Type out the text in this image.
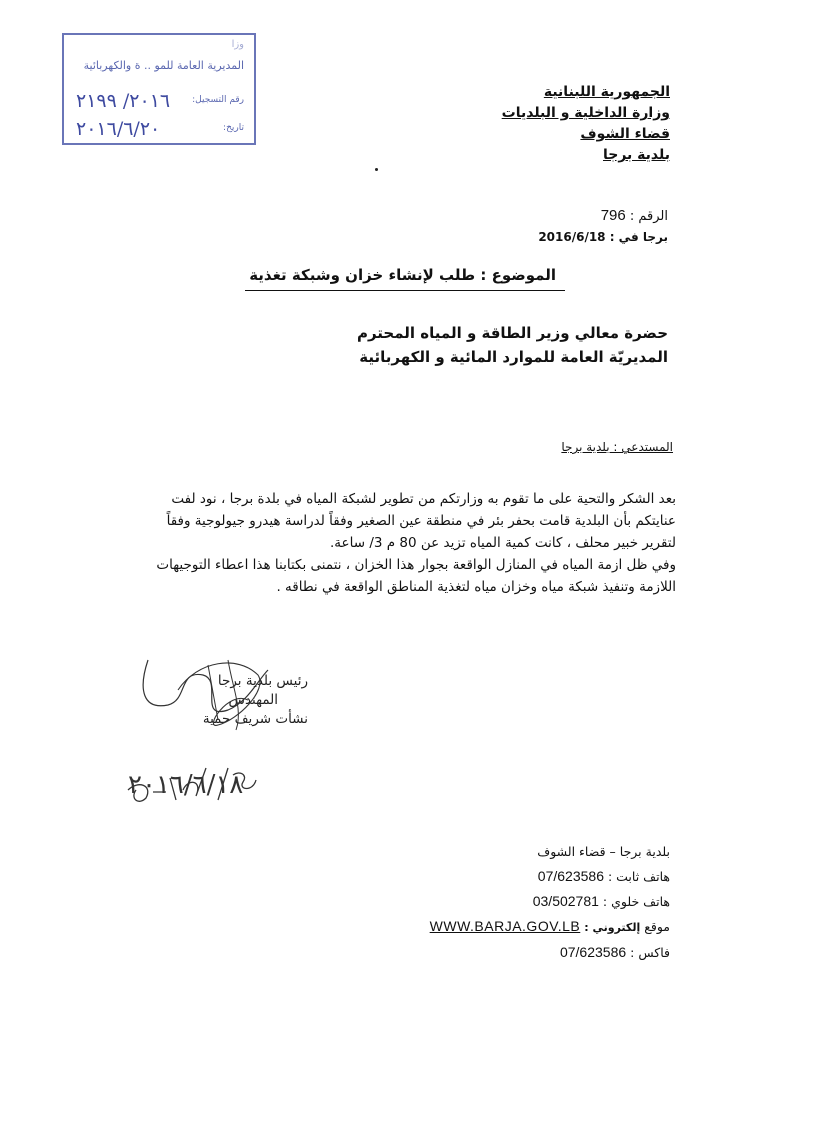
وزا
المديرية العامة للمو .. ة والكهربائية
رقم التسجيل:
٢٠١٦/ ٢١٩٩
تاريخ:
٢٠١٦/٦/٢٠
الجمهورية اللبنانية
وزارة الداخلية و البلديات
قضاء الشوف
بلدية برجا
الرقم : 796
برجا في : 2016/6/18
الموضوع : طلب لإنشاء خزان وشبكة تغذية
حضرة معالي وزير الطاقة و المياه المحترم
المديريّة العامة للموارد المائية و الكهربائية
المستدعي : بلدية برجا

بعد الشكر والتحية على ما تقوم به وزارتكم من تطوير لشبكة المياه في بلدة برجا ، نود لفت عنايتكم بأن البلدية قامت بحفر بئر في منطقة عين الصغير وفقاً لدراسة هيدرو جيولوجية وفقاً لتقرير خبير محلف ، كانت كمية المياه تزيد عن 80 م 3/ ساعة.

وفي ظل ازمة المياه في المنازل الواقعة بجوار هذا الخزان ، نتمنى بكتابنا هذا اعطاء التوجيهات اللازمة وتنفيذ شبكة مياه وخزان مياه لتغذية المناطق الواقعة في نطاقه .

رئيس بلدية برجا
المهندس
نشأت شريف حمية
بلدية برجا – قضاء الشوف
هاتف ثابت : 07/623586
هاتف خلوي : 03/502781
موقع إلكتروني : WWW.BARJA.GOV.LB
فاكس : 07/623586
٢٠١٦/٦/١٨
